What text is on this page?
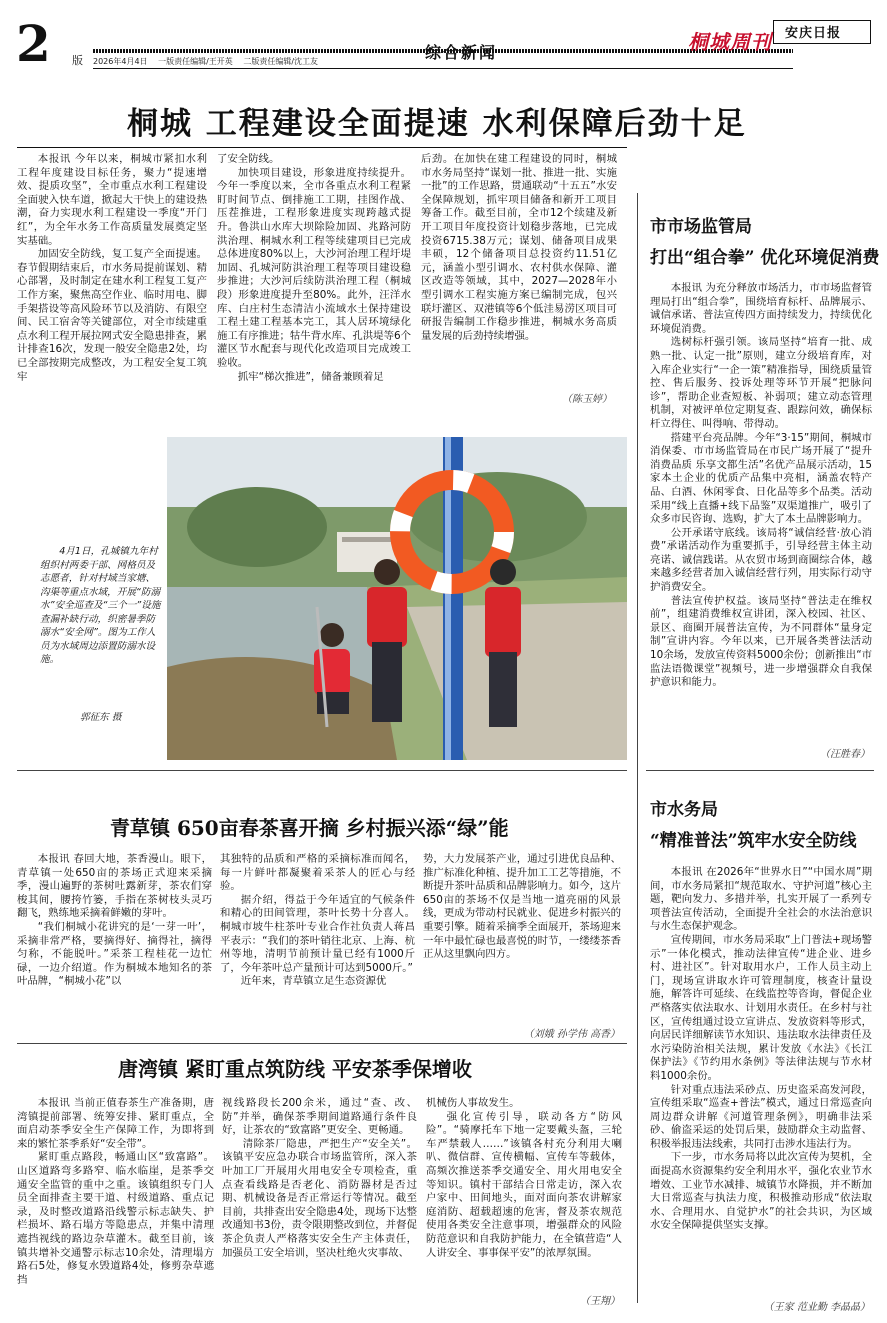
2	版 2026年4月4日 一版责任编辑/王开英 二版责任编辑/沈工友	综合新闻	桐城周刊 安庆日报
桐城 工程建设全面提速 水利保障后劲十足

本报讯 今年以来，桐城市紧扣水利工程年度建设目标任务，聚力“提速增效、提质攻坚”，全市重点水利工程建设全面驶入快车道，掀起大干快上的建设热潮，奋力实现水利工程建设一季度“开门红”，为全年水务工作高质量发展奠定坚实基础。

加固安全防线，复工复产全面提速。春节假期结束后，市水务局提前谋划、精心部署，及时制定在建水利工程复工复产工作方案，聚焦高空作业、临时用电、脚手架搭设等高风险环节以及消防、有限空间、民工宿舍等关键部位，对全市续建重点水利工程开展拉网式安全隐患排查，累计排查16次，发现一般安全隐患2处，均已全部按期完成整改，为工程安全复工筑牢

了安全防线。

加快项目建设，形象进度持续提升。今年一季度以来，全市各重点水利工程紧盯时间节点、倒排施工工期，挂图作战、压茬推进，工程形象进度实现跨越式提升。鲁洪山水库大坝除险加固、兆路河防洪治理、桐城水利工程等续建项目已完成总体进度80%以上，大沙河治理工程圩堤加固、孔城河防洪治理工程等项目建设稳步推进；大沙河后续防洪治理工程（桐城段）形象进度提升至80%。此外，汪洋水库、白庄村生态清洁小流域水土保持建设工程土建工程基本完工，其人居环境绿化施工有序推进；牯牛背水库、孔洪堤等6个灌区节水配套与现代化改造项目完成竣工验收。

抓牢“梯次推进”，储备兼顾着足

后劲。在加快在建工程建设的同时，桐城市水务局坚持“谋划一批、推进一批、实施一批”的工作思路，贯通联动“十五五”水安全保障规划，抓牢项目储备和新开工项目筹备工作。截至目前，全市12个续建及新开工项目年度投资计划稳步落地，已完成投资6715.38万元；谋划、储备项目成果丰硕，12个储备项目总投资约11.51亿元，涵盖小型引调水、农村供水保障、灌区改造等领域，其中，2027—2028年小型引调水工程实施方案已编制完成，包兴联圩灌区、双港镇等6个低洼易涝区项目可研报告编制工作稳步推进，桐城水务高质量发展的后劲持续增强。

（陈玉婷）
4月1日，孔城镇九年村组织村两委干部、网格员及志愿者，针对村域当家塘、沟渠等重点水域，开展“防溺水”安全巡查及“三个一”设施查漏补缺行动，织密暑季防溺水“安全网”。图为工作人员为水域周边添置防溺水设施。
郭征东 摄
市市场监管局
打出“组合拳” 优化环境促消费

本报讯 为充分释放市场活力，市市场监督管理局打出“组合拳”，围绕培育标杆、品牌展示、诚信承诺、普法宣传四方面持续发力，持续优化环境促消费。

选树标杆强引领。该局坚持“培育一批、成熟一批、认定一批”原则，建立分级培育库，对入库企业实行“一企一策”精准指导，围绕质量管控、售后服务、投诉处理等环节开展“把脉问诊”，帮助企业查短板、补弱项；建立动态管理机制，对被评单位定期复查、跟踪问效，确保标杆立得住、叫得响、带得动。

搭建平台亮品牌。今年“3·15”期间，桐城市消保委、市市场监管局在市民广场开展了“提升消费品质 乐享文都生活”名优产品展示活动，15家本土企业的优质产品集中亮相，涵盖农特产品、白酒、休闲零食、日化品等多个品类。活动采用“线上直播+线下品鉴”双渠道推广，吸引了众多市民咨询、选购，扩大了本土品牌影响力。

公开承诺守底线。该局将“诚信经营·放心消费”承诺活动作为重要抓手，引导经营主体主动亮诺、诚信践诺。从农贸市场到商圈综合体，越来越多经营者加入诚信经营行列，用实际行动守护消费安全。

普法宣传护权益。该局坚持“普法走在维权前”，组建消费维权宣讲团，深入校园、社区、景区、商圈开展普法宣传，为不同群体“量身定制”宣讲内容。今年以来，已开展各类普法活动10余场，发放宣传资料5000余份；创新推出“市监法语微课堂”视频号，进一步增强群众自我保护意识和能力。

（汪胜春）
青草镇 650亩春茶喜开摘 乡村振兴添“绿”能

本报讯 春回大地，茶香漫山。眼下，青草镇一处650亩的茶场正式迎来采摘季，漫山遍野的茶树吐露新芽，茶农们穿梭其间，腰挎竹篓，手指在茶树枝头灵巧翻飞，熟练地采摘着鲜嫩的芽叶。

“我们桐城小花讲究的是‘一芽一叶’，采摘非常严格，要摘得好、摘得社，摘得匀称，不能脱叶。”采茶工程桂花一边忙碌，一边介绍道。作为桐城本地知名的茶叶品牌，“桐城小花”以

其独特的品质和严格的采摘标准而闻名，每一片鲜叶都凝聚着采茶人的匠心与经验。

据介绍，得益于今年适宜的气候条件和精心的田间管理，茶叶长势十分喜人。桐城市坡牛柱茶叶专业合作社负责人蒋昌平表示：“我们的茶叶销往北京、上海、杭州等地，清明节前预计量已经有1000斤了，今年茶叶总产量预计可达到5000斤。”

近年来，青草镇立足生态资源优

势，大力发展茶产业，通过引进优良品种、推广标准化种植、提升加工工艺等措施，不断提升茶叶品质和品牌影响力。如今，这片650亩的茶场不仅是当地一道亮丽的风景线，更成为带动村民就业、促进乡村振兴的重要引擎。随着采摘季全面展开，茶场迎来一年中最忙碌也最喜悦的时节，一缕缕茶香正从这里飘向四方。

（刘娥 孙学伟 高香）
唐湾镇 紧盯重点筑防线 平安茶季保增收

本报讯 当前正值春茶生产准备期，唐湾镇提前部署、统筹安排、紧盯重点，全面启动茶季安全生产保障工作，为即将到来的繁忙茶季系好“安全带”。

紧盯重点路段，畅通山区“致富路”。山区道路弯多路窄、临水临崖，是茶季交通安全监管的重中之重。该镇组织专门人员全面排查主要干道、村级道路、重点记录，及时整改道路沿线警示标志缺失、护栏损坏、路石塌方等隐患点，并集中清理遮挡视线的路边杂草灌木。截至目前，该镇共增补交通警示标志10余处，清理塌方路石5处，修复水毁道路4处，修剪杂草遮挡

视线路段长200余米，通过“查、改、防”并举，确保茶季期间道路通行条件良好，让茶农的“致富路”更安全、更畅通。

清除茶厂隐患，严把生产“安全关”。该镇平安应急办联合市场监管所，深入茶叶加工厂开展用火用电安全专项检查，重点查看线路是否老化、消防器材是否过期、机械设备是否正常运行等情况。截至目前，共排查出安全隐患4处，现场下达整改通知书3份，责令限期整改到位，并督促茶企负责人严格落实安全生产主体责任，加强员工安全培训，坚决杜绝火灾事故、

机械伤人事故发生。

强化宣传引导，联动各方“防风险”。“骑摩托车下地一定要戴头盔，三轮车严禁载人……”该镇各村充分利用大喇叭、微信群、宣传横幅、宣传车等载体，高频次推送茶季交通安全、用火用电安全等知识。镇村干部结合日常走访，深入农户家中、田间地头，面对面向茶农讲解家庭消防、超载超速的危害，督及茶农规范使用各类安全注意事项，增强群众的风险防范意识和自我防护能力，在全镇营造“人人讲安全、事事保平安”的浓厚氛围。

（王翔）
市水务局
“精准普法”筑牢水安全防线

本报讯 在2026年“世界水日”“中国水周”期间，市水务局紧扣“规范取水、守护河道”核心主题，靶向发力、多措并举，扎实开展了一系列专项普法宣传活动，全面提升全社会的水法治意识与水生态保护观念。

宣传期间，市水务局采取“上门普法+现场警示”一体化模式，推动法律宣传“进企业、进乡村、进社区”。针对取用水户，工作人员主动上门，现场宣讲取水许可管理制度，核查计量设施，解答许可延续、在线监控等咨询，督促企业严格落实依法取水、计划用水责任。在乡村与社区，宣传组通过设立宣讲点、发放资料等形式，向居民详细解读节水知识、违法取水法律责任及水污染防治相关法规，累计发放《水法》《长江保护法》《节约用水条例》等法律法规与节水材料1000余份。

针对重点违法采砂点、历史盗采高发河段，宣传组采取“巡查+普法”模式，通过日常巡查向周边群众讲解《河道管理条例》，明确非法采砂、偷盗采运的处罚后果，鼓励群众主动监督、积极举报违法线索，共同打击涉水违法行为。

下一步，市水务局将以此次宣传为契机，全面提高水资源集约安全利用水平，强化农业节水增效、工业节水减排、城镇节水降损，并不断加大日常巡查与执法力度，积极推动形成“依法取水、合理用水、自觉护水”的社会共识，为区域水安全保障提供坚实支撑。

（王家 范业勤 李晶晶）
